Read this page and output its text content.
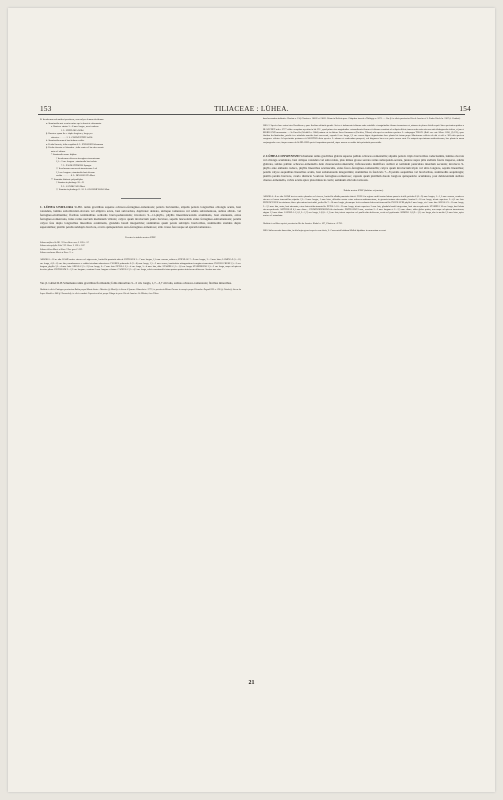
153	TILIACEAE : LÜHEA.	154
B. Involucrum sub anthesi persistens, cum calyce demum deciduum.
α. Staminodia ante ovaria varius ope in bracteis efformanta.
a. Bracteae stratae 5—8 mm. longae, moxi caducae
1. L. UNIFLORA Willd.
β. Bracteae quam lin e. duplo longiores, longe per
sistentes . . . . . . 2. L. CONWENTZII St-Hil.
b. Staminodia numeri basi indura coalita.
α. Petala linearia, folia euspidata 6. L. ENDLERII Schumann
β. Petala obovata vel rhombea ; folia acuta vel breviter acumi-
nata vel obtusa.
* Staminodia omne fidplua.
† Involucrum olivaceo-ferrugineo-tomentosum
1,5—3 cm. longum ; staminodia basi soluta
7. L. PALMATIFRONS Sprague
†† Involucrum canescenti-tomentosum 1 ad
1,2 cm. longum ; staminodia basi alterum
coalita . . . . . . . 8. L. DIVARICATA Mart.
** Staminia distincte polyadelpha.
† Stamina in phalange 20—21
9. L. CANDICANS Mart.
†† Stamina in phalange 8 . 10. L. GRANDIFLORA Mart.
1. LÜHEA UNIFLORA St-Hil. ramis gracilibus superne ochraceo-ferrugineo-tomentosis; petiolo brevissimo, stipulis petiolo longioribus oblongis acutis, basi rotundata, lamina suborbiculari-obovata vel elliptica acuta, basi subcordata, duplicater dentata, utrinque tomentosa vel adulta subtomentosa, subtus albido- vel ferrugineo-mollissima; floribus terminalibus solitariis brevi-pedunculatis; involucro 9—11-phyllo, phyllis linearilanceolatis acuminatis, basi attenuatis, extus ferrugineo-tomentosis, intus rarius nervum medianum villosis; calyce quam involucrum paulo breviore, sepalis lanceolatis extus ferrugineo-subtomentosis; petalis calyce fere duplo longioribus linearibus acuminatis, glandula basali integerrima; staminibus quam petala subtriplo brevioribus, staminodiis stamina duplo superantibus; pistillo petalis subduplo breviore, ovario quinquelobato auro-ferrugineo-tomentoso; stilo crasso fere usque ad apicem tomentoso.
Fructus in tabula nostra XXXI.
Lühea uniflora St-Hil. ! Flora Bras. mer. I. 226. t. 57.
Lühea microphylla Pohl ! Pl. Bras. I. 129. t. 187.
Lühea villosa Mart. et Zucc.! Nov. gen. I. 102.
Lühea rosulacea Mart. et Zucc.! l. c.
ARBOR 6—16 m. alta. RAMI cortice cinereo vel nigrescente, lenticellis punctatis obtecti. PETIOLUS 3—7 mm. longus, 1,5 mm. crassus, subteres; STIPULAE 7—9 mm. longae, 2—3 mm. latae; LAMINA 9 (5—11) cm. longa, 4 (3—6) cm. lata, membranacea v. adulta interdum subcoriacea. FLORES pedunculo 6 (2—8) mm. longo, 1,5—2 mm. crasso, inarticulato suboppositum ferrugineo-tomentoso. INVOLUCRUM 2,5—3 cm. longum, phyllis 3,5—4 mm. latis. SEPALA 2,5—2,8 cm. longa, 6—7 mm. lata. PETALA 3,5—4 cm. longa, 5—4 mm. lata, alba. STAMINA 1,5—1,8 cm. longa; STAMINODIA 2,5—3 cm. longa, usque ad apicem breviter pilosa. PISTILLUM 2—2,2 cm. longum ; ovarium 5 mm. longum et latum. CAPSULA 3,5—4,5 cm. longa, valvis crassiusculis intus quatuor partem inferiorem dehiscens. Semina non visa.
Var. β. GRACILIS Schumann ramis gracilibus floribundis; foliis minoribus 3—5 cm. longis, 1,7—3,7 cm latis, subtus ochraceo-tomentosis; floribus minoribus.
Habitat in silvis Catingas provinciae Bahia prope Monte Santo : Martius (f. Martii); in Serra d'Aparas: Blanchet n. 3777; in provincia Minas Geraes in campis prope Chondas: Regnell III. n. 295 (f. Octobri); Serra da Lapa: Riedel n. 866 (f. Novembri); in silvis caeduis Caponissa distr prope Cidage in prov. Rio de Janeiro: St-Hilaire; loco Tiliae.
haud accuratius indicatis: Glaziou n. 134, Glaziou n. 10032 et 13061. Etiam in Bolivia prov. Chiquitos invenit: d'Orbigny n. 1071. — Var. β. in silvis provinciae Rio de Janeiro et S. Paulo: Riedel n. 1207 (f. Octobri).
OBS. I. Species haec unica inter Brasilienses, quae floribus solitariis gaudet. Series et indumento foliorum satis variabilis et magnitudine florum inconstans est, attamen in plures dividi nequit. Inter specimina quidem a BLANCHET sub n. 3777 editis exemplum reperitur in hb. DC., quod primo visu magnitudine extraordinaria florum et foliorum crassitate ab reliquis differt; tamen notis universis non satis distinguenda videtur, et jam et MORICAND memoratur. — In Farcella (Weddell n. 3004) natum est in ditione Saco-Cumanaceo (Pacifica, Tiliana) alia species conflata reperitur: L. endopogon TRIAN. (Bull. soc. nat. Mosc. 1858, (I) 235), quae floribus declinatiorbus, petalis fere subulatis marcido basi canescenti, capsula 6 cm. longa, 2,5 cm. crassa digna elegantissima haec planta hic fatum prope Manicorum collecta ab ubi et soli n. 302 nitis speciem congruere videtur. Ad speciminis perinanes eit MARTIUS dictu species: L. rubrum et condendum prospecti, sed diagnoses breves ne paris errosae sunt. Ex autopsia speciminum authenticorum, hoc planta in unam conjungendae esse; itaque nomen ab St-HILAIRE speciei imponitum praetuli, atque nomen ne multis fatis prioritatis possessidis.
2. LÜHEA CONWENTZII Schumann ramis gracilibus glabris superne pallide ochraceo-tomentellis; stipulis petiolo triplo brevioribus caducissimis, lamina obovata vel oblonga acuminata, basi oblique rotundata vel subcordata, plus minus grosse serrata rarius subrepando-serrata, juniore supra pilis stellatis fuscis inspersa, adulta glabrata, subtus pallide ochraceo-tomentella dein cinerascenti-tomentella; inflorescentia multiflora axillari et terminali paniculata interdum secunda; involucro 9-phyllo ante anthesin caduco, phyllis linearibus acutiusculis, extus fusco-ferrugineo-tomentellis; calyce quam involucrum triplo vel ultra longiore, sepalis linearibus; petalis calyce aequalibus linearibus acutis, basi subattenuatis integerrimis; staminibus in fasciculo 7—8 petalis aequalibus vel brevioribus, staminodiis aequilongis; pistillo petalis breviore, ovario distincte 5-sulcato ferrugineo-tomentoso; capsula quam pistillum duodo longiore quinquelobo acuminata, post dehiscentiam stellato cinereo-tomentella, valvis acutis apice plus minus in carris; seminum alis latis tortuosis.
Tabula nostra XXXI (habitus et fructus).
ARBOR 4—8 m. alta. RAMI teretes cortice plumbeo vel cinereo, lenticellis albidis punctatis obtecti. FOLIA in regione medii nostra latiora quam in fertili; petiolus 8 (6—9) mm. longus, 1—1,5 mm. crassus, semiteres cinereo vel canae tomentellus; stipulae 2,5—3 mm. longae, 1 mm. latae, deltoidae acutae extus ochraceo-subtomentosae, in gemmis tantum observandae; lamina 6—10 cm. longa, triente superiore 3—4,5 cm. lata. PEDUNCULUS brevissimus; flores plus minus fasciculati, pedicellis 7—10 mm. longis, plerumque leviter subnutu lobescenti-tomentellis. INVOLUCRI phylla 2 mm. longa, vix 1 mm. lata. SEPALA 9—11 mm. longa, 2—2,5 mm. lata, acuta, basi attenuata, extus luteovirido-tomentella. PETALA 10—12 mm. longa, triente superiore 2 mm. lata, glandula basali integerrima, basi cinereo-puberula. STAMINA 10 cm. longa, basi lobata cinereo-puberula. ANTHERAE 0,5 mm. diam. ; STAMINODIORUM fila cinoloraria. PISTILLUM 9 mm., ovarium 2—3 mm. longum et 2—2,5 mm. diam.; stilus glaber potius, non usque ad apicem tomentosus; stigma 1,2 mm. diam. CAPSULA 1,5 (1,3—1,7) cm. longa, 1 (0,8—1,1) cm. lata, triente superiore vel paullo ultra dehiscens, vestis vel pyriformis. SEMINA 1 (0,9—1,1) cm. longa, alae in medio 2,5 mm. latae, apice acutae vel rotundatae.
Habitat in collibus apricis provinciae Rio de Janeiro: Riedel n. 107, Glaziou n. 11795.
OBS. Inflorescentia lanceolata, in alia hujus generis specie non obvia, L. Conwentzii habitum Malleti bipidatae in memoriam revocat.
21
